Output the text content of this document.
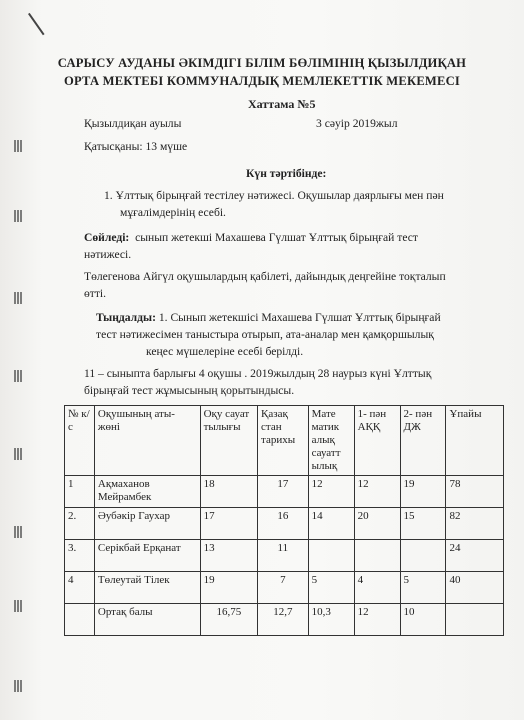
САРЫСУ АУДАНЫ ӘКІМДІГІ БІЛІМ БӨЛІМІНІҢ ҚЫЗЫЛДИҚАН
ОРТА МЕКТЕБІ КОММУНАЛДЫҚ МЕМЛЕКЕТТІК МЕКЕМЕСІ
Хаттама №5
Қызылдиқан ауылы	3 сәуір 2019жыл
Қатысқаны: 13 мүше
Күн тәртібінде:
1. Ұлттық бірыңғай тестілеу нәтижесі. Оқушылар даярлығы мен пән
мұғалімдерінің есебі.
Сөйледі: сынып жетекші Махашева Гүлшат Ұлттық бірыңғай тест
нәтижесі.
Төлегенова Айгүл оқушылардың қабілеті, дайындық деңгейіне тоқталып
өтті.
Тыңдалды: 1. Сынып жетекшісі Махашева Гүлшат Ұлттық бірыңғай
тест нәтижесімен таныстыра отырып, ата-аналар мен қамқоршылық
кеңес мүшелеріне есебі берілді.
11 – сыныпта барлығы 4 оқушы . 2019жылдың 28 наурыз күні Ұлттық
бірыңғай тест жұмысының қорытындысы.
№ к/с	Оқушының аты-жөні	Оқу сауат тылығы	Қазақ стан тарихы	Мате матик алық сауатт ылық	1- пән АҚҚ	2- пән ДЖ	Ұпайы
1	Ақмаханов Мейрамбек	18	17	12	12	19	78
2.	Әубәкір Гаухар	17	16	14	20	15	82
3.	Серікбай Ерқанат	13	11				24
4	Төлеутай Тілек	19	7	5	4	5	40
	Ортақ балы	16,75	12,7	10,3	12	10	
